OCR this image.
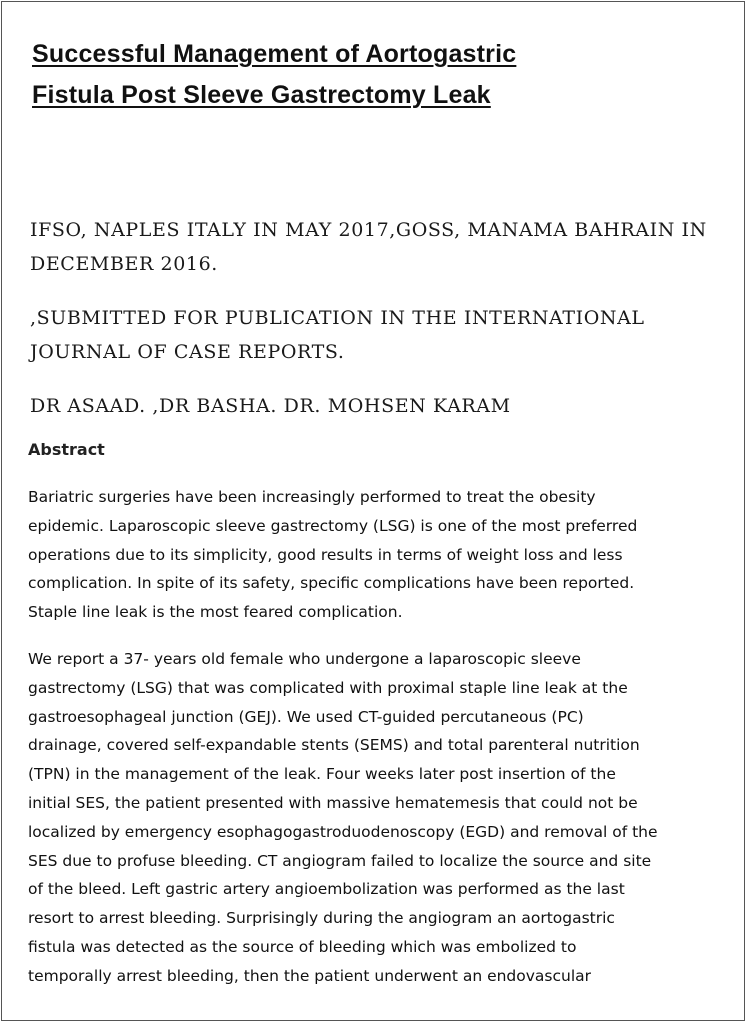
Successful Management of Aortogastric
Fistula Post Sleeve Gastrectomy Leak

IFSO, NAPLES ITALY IN MAY 2017,GOSS, MANAMA BAHRAIN IN
DECEMBER 2016.

,SUBMITTED FOR PUBLICATION IN THE INTERNATIONAL
JOURNAL OF CASE REPORTS.

DR ASAAD. ,DR BASHA. DR. MOHSEN KARAM

Abstract

Bariatric surgeries have been increasingly performed to treat the obesity
epidemic. Laparoscopic sleeve gastrectomy (LSG) is one of the most preferred
operations due to its simplicity, good results in terms of weight loss and less
complication. In spite of its safety, specific complications have been reported.
Staple line leak is the most feared complication.

We report a 37- years old female who undergone a laparoscopic sleeve
gastrectomy (LSG) that was complicated with proximal staple line leak at the
gastroesophageal junction (GEJ). We used CT-guided percutaneous (PC)
drainage, covered self-expandable stents (SEMS) and total parenteral nutrition
(TPN) in the management of the leak. Four weeks later post insertion of the
initial SES, the patient presented with massive hematemesis that could not be
localized by emergency esophagogastroduodenoscopy (EGD) and removal of the
SES due to profuse bleeding. CT angiogram failed to localize the source and site
of the bleed. Left gastric artery angioembolization was performed as the last
resort to arrest bleeding. Surprisingly during the angiogram an aortogastric
fistula was detected as the source of bleeding which was embolized to
temporally arrest bleeding, then the patient underwent an endovascular
